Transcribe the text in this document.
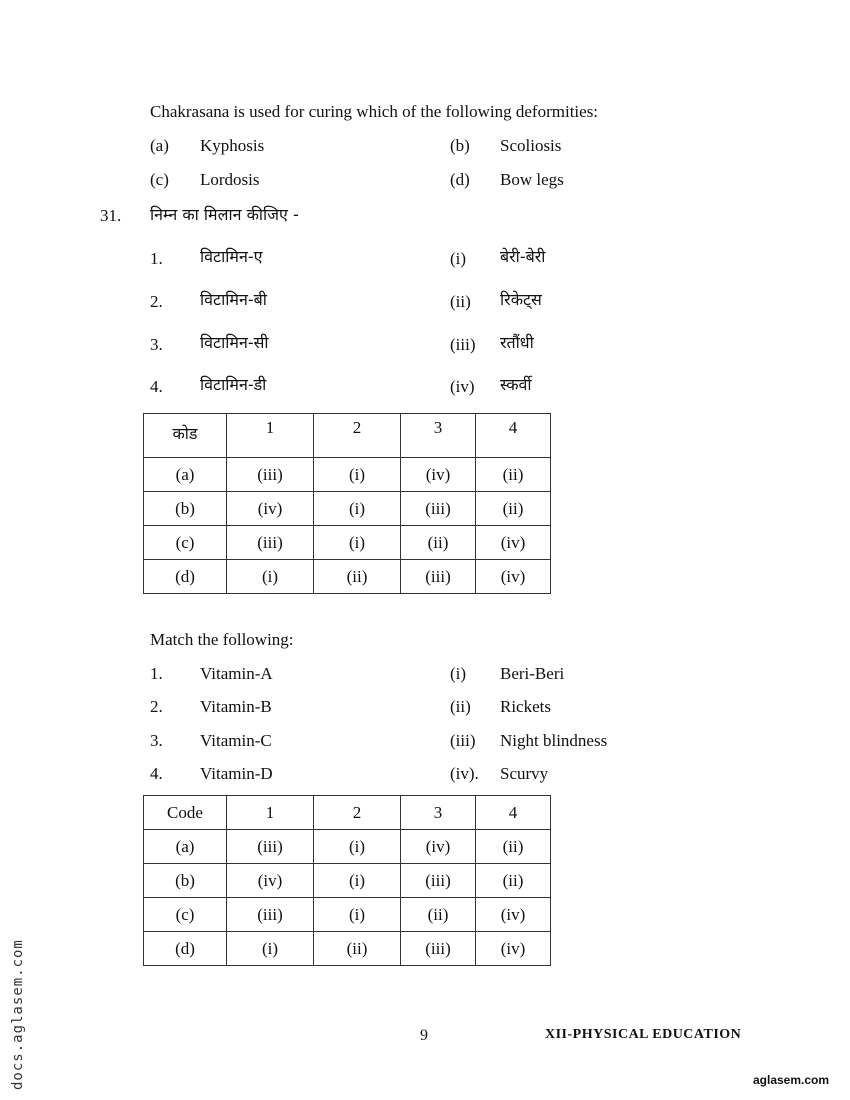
Chakrasana is used for curing which of the following deformities:
(a) Kyphosis	(b) Scoliosis
(c) Lordosis	(d) Bow legs
31. निम्न का मिलान कीजिए -
1. विटामिन-ए	(i) बेरी-बेरी
2. विटामिन-बी	(ii) रिकेट्स
3. विटामिन-सी	(iii) रतौंधी
4. विटामिन-डी	(iv) स्कर्वी
कोड	1	2	3	4
(a)	(iii)	(i)	(iv)	(ii)
(b)	(iv)	(i)	(iii)	(ii)
(c)	(iii)	(i)	(ii)	(iv)
(d)	(i)	(ii)	(iii)	(iv)
Match the following:
1. Vitamin-A	(i) Beri-Beri
2. Vitamin-B	(ii) Rickets
3. Vitamin-C	(iii) Night blindness
4. Vitamin-D	(iv). Scurvy
Code	1	2	3	4
(a)	(iii)	(i)	(iv)	(ii)
(b)	(iv)	(i)	(iii)	(ii)
(c)	(iii)	(i)	(ii)	(iv)
(d)	(i)	(ii)	(iii)	(iv)
9	XII-PHYSICAL EDUCATION
docs.aglasem.com	aglasem.com
